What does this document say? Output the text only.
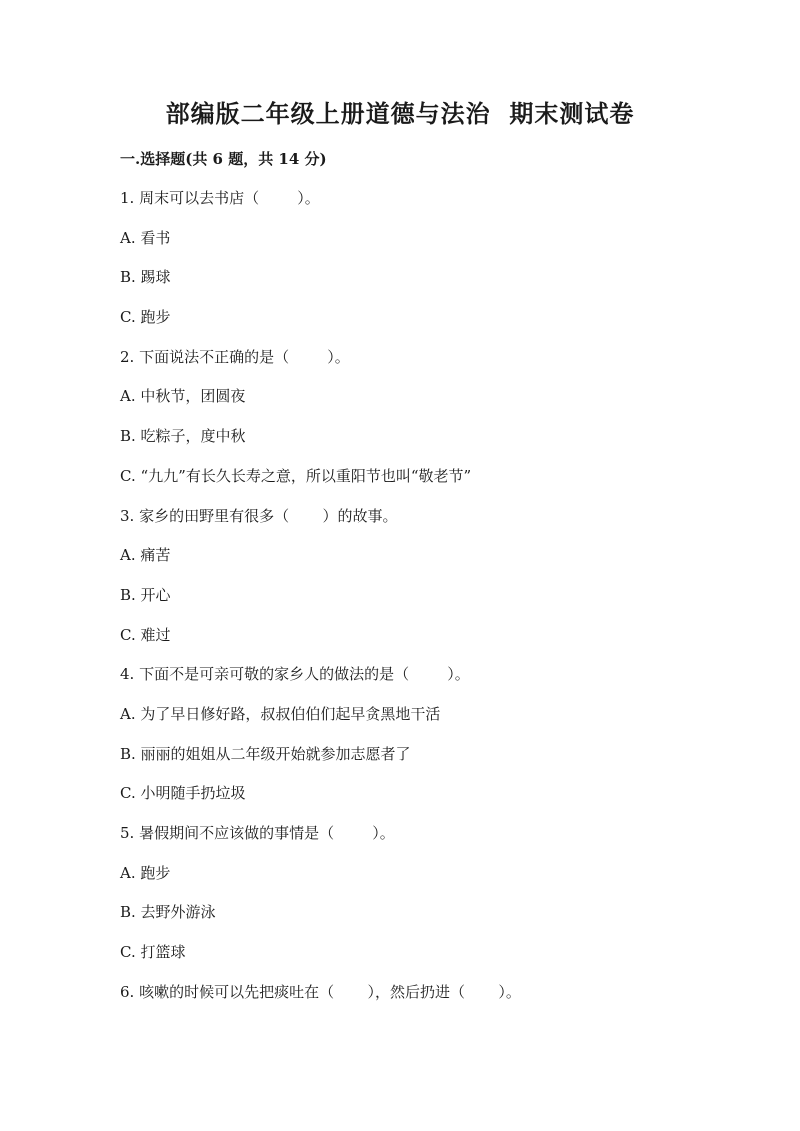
部编版二年级上册道德与法治  期末测试卷
一.选择题(共 6 题，共 14 分)
1. 周末可以去书店（        ）。
A. 看书
B. 踢球
C. 跑步
2. 下面说法不正确的是（        ）。
A. 中秋节，团圆夜
B. 吃粽子，度中秋
C. “九九”有长久长寿之意，所以重阳节也叫“敬老节”
3. 家乡的田野里有很多（       ）的故事。
A. 痛苦
B. 开心
C. 难过
4. 下面不是可亲可敬的家乡人的做法的是（        ）。
A. 为了早日修好路，叔叔伯伯们起早贪黑地干活
B. 丽丽的姐姐从二年级开始就参加志愿者了
C. 小明随手扔垃圾
5. 暑假期间不应该做的事情是（        ）。
A. 跑步
B. 去野外游泳
C. 打篮球
6. 咳嗽的时候可以先把痰吐在（       ），然后扔进（       ）。
